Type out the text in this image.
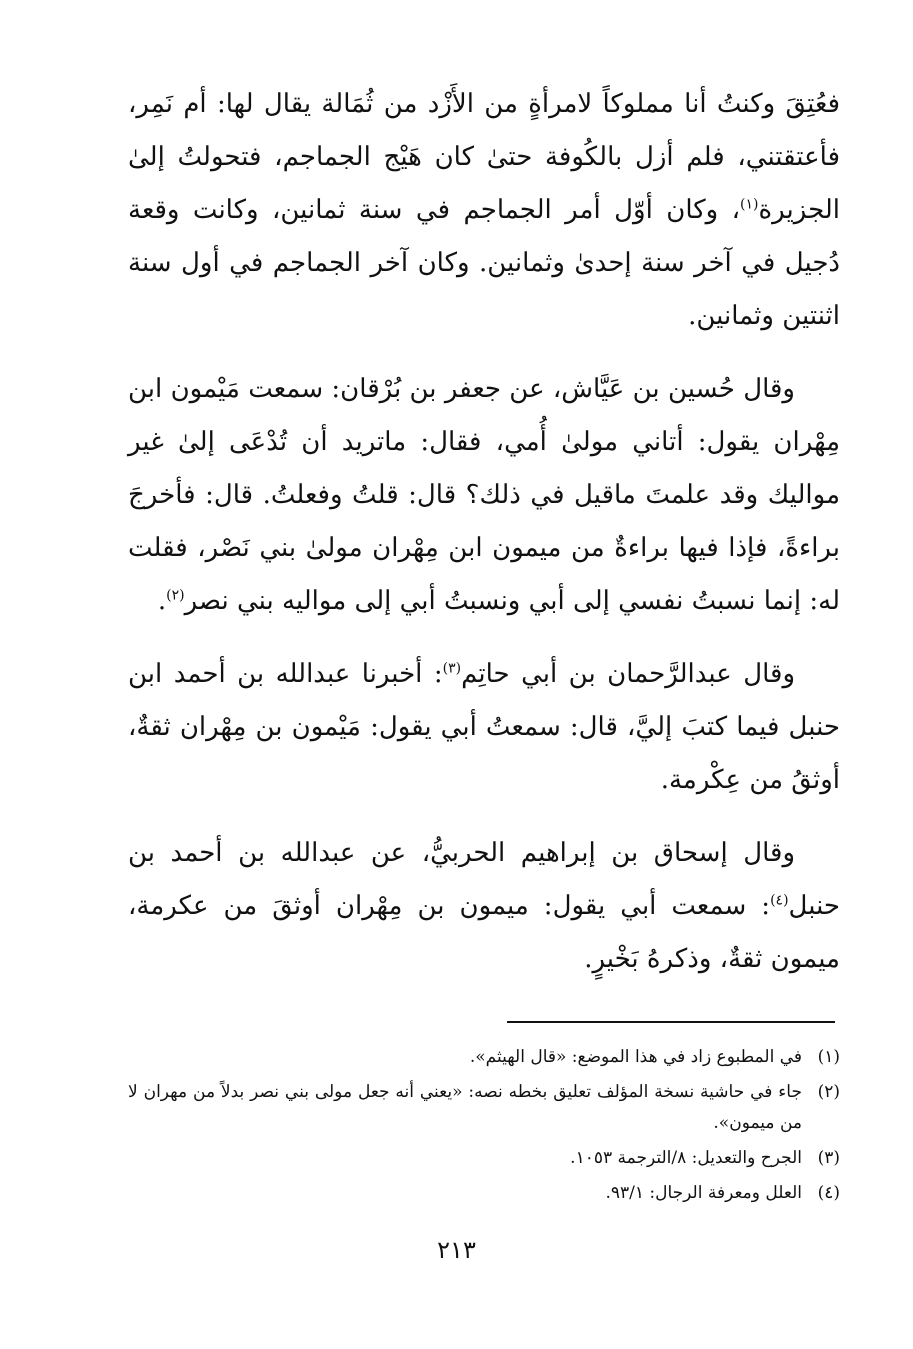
فعُتِقَ وكنتُ أنا مملوكاً لامرأةٍ من الأَزْد من ثُمَالة يقال لها: أم نَمِر، فأعتقتني، فلم أزل بالكُوفة حتىٰ كان هَيْج الجماجم، فتحولتُ إلىٰ الجزيرة$^{(١)}$، وكان أوّل أمر الجماجم في سنة ثمانين، وكانت وقعة دُجيل في آخر سنة إحدىٰ وثمانين. وكان آخر الجماجم في أول سنة اثنتين وثمانين.

وقال حُسين بن عَيَّاش، عن جعفر بن بُرْقان: سمعت مَيْمون ابن مِهْران يقول: أتاني مولىٰ أُمي، فقال: ماتريد أن تُدْعَى إلىٰ غير مواليك وقد علمتَ ماقيل في ذلك؟ قال: قلتُ وفعلتُ. قال: فأخرجَ براءةً، فإذا فيها براءةٌ من ميمون ابن مِهْران مولىٰ بني نَصْر، فقلت له: إنما نسبتُ نفسي إلى أبي ونسبتُ أبي إلى مواليه بني نصر$^{(٢)}$.

وقال عبدالرَّحمان بن أبي حاتِم$^{(٣)}$: أخبرنا عبدالله بن أحمد ابن حنبل فيما كتبَ إليَّ، قال: سمعتُ أبي يقول: مَيْمون بن مِهْران ثقةٌ، أوثقُ من عِكْرمة.

وقال إسحاق بن إبراهيم الحربيُّ، عن عبدالله بن أحمد بن حنبل$^{(٤)}$: سمعت أبي يقول: ميمون بن مِهْران أوثقَ من عكرمة، ميمون ثقةٌ، وذكرهُ بَخْيرٍ.

(١)
في المطبوع زاد في هذا الموضع: «قال الهيثم».
(٢)
جاء في حاشية نسخة المؤلف تعليق بخطه نصه: «يعني أنه جعل مولى بني نصر بدلاً من مهران لا من ميمون».
(٣)
الجرح والتعديل: ٨/الترجمة ١٠٥٣.
(٤)
العلل ومعرفة الرجال: ٩٣/١.
٢١٣
